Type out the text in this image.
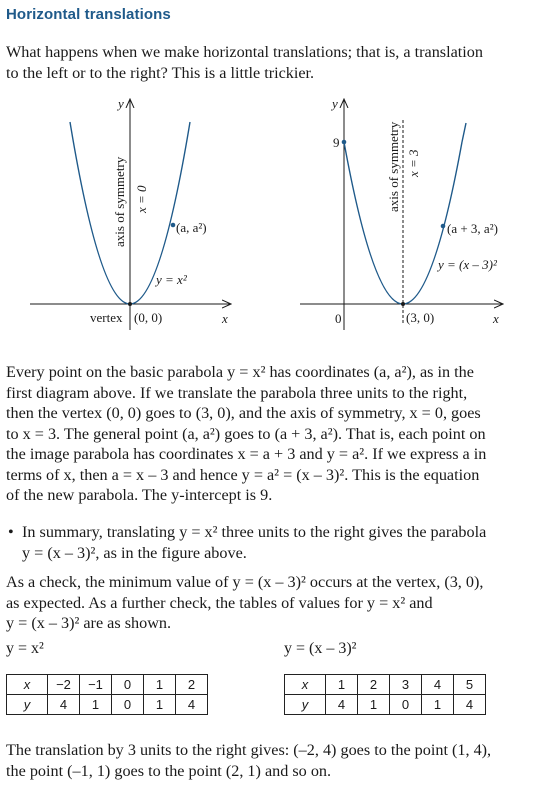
Horizontal translations

What happens when we make horizontal translations; that is, a translation
to the left or to the right? This is a little trickier.

y
x
axis of symmetry x = 0
(a, a²)
y = x²
vertex (0, 0)
y
x
9	axis of symmetry x = 3
(a + 3, a²)
y = (x – 3)²
0	(3, 0)

Every point on the basic parabola y = x² has coordinates (a, a²), as in the
first diagram above. If we translate the parabola three units to the right,
then the vertex (0, 0) goes to (3, 0), and the axis of symmetry, x = 0, goes
to x = 3. The general point (a, a²) goes to (a + 3, a²). That is, each point on
the image parabola has coordinates x = a + 3 and y = a². If we express a in
terms of x, then a = x – 3 and hence y = a² = (x – 3)². This is the equation
of the new parabola. The y-intercept is 9.

• In summary, translating y = x² three units to the right gives the parabola
y = (x – 3)², as in the figure above.

As a check, the minimum value of y = (x – 3)² occurs at the vertex, (3, 0),
as expected. As a further check, the tables of values for y = x² and
y = (x – 3)² are as shown.

y = x²	y = (x – 3)²
x	−2	−1	0	1	2
y	4	1	0	1	4
x	1	2	3	4	5
y	4	1	0	1	4

The translation by 3 units to the right gives: (–2, 4) goes to the point (1, 4),
the point (–1, 1) goes to the point (2, 1) and so on.
